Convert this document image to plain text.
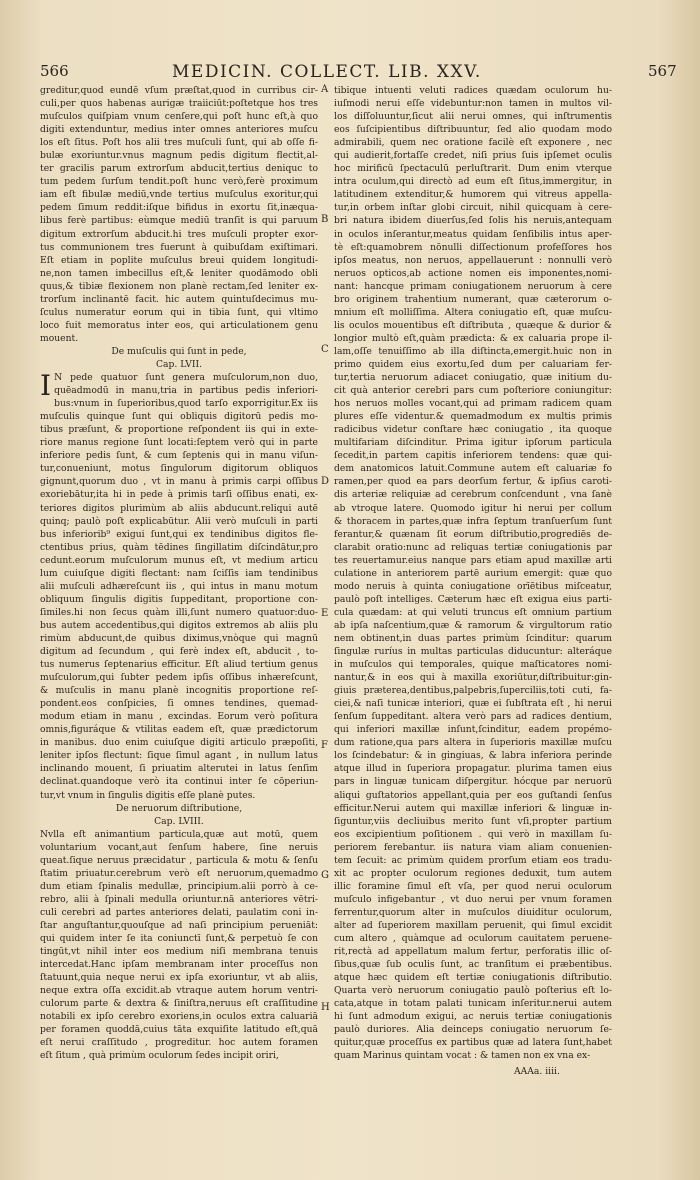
566	MEDICIN. COLLECT. LIB. XXV.	567
greditur,quod eundē vſum præſtat,quod in curribus cir-
culi,per quos habenas aurigæ traiiciūt:poſtetque hos tres
muſculos quiſpiam vnum cenſere,qui poſt hunc eſt,à quo
digiti extenduntur, medius inter omnes anteriores muſcu
los eſt ſitus. Poſt hos alii tres muſculi ſunt, qui ab oſſe fi-
bulæ exoriuntur.vnus magnum pedis digitum flectit,al-
ter gracilis parum extrorſum abducit,tertius deniquc to
tum pedem ſurſum tendit.poſt hunc verò,ferè proximum
iam eſt fibulæ mediū,vnde tertius muſculus exoritur,qui
pedem ſimum reddit:iſque bifidus in exortu ſit,inæqua-
libus ferè partibus: eùmque mediū tranſit is qui paruum
digitum extrorſum abducit.hi tres muſculi propter exor-
tus communionem tres fuerunt à quibuſdam exiſtimari.
Eſt etiam in poplite muſculus breui quidem longitudi-
ne,non tamen imbecillus eſt,& leniter quodāmodo obli
quus,& tibiæ flexionem non planè rectam,ſed leniter ex-
trorſum inclinantē facit. hic autem quintuſdecimus mu-
ſculus numeratur eorum qui in tibia ſunt, qui vltimo
loco fuit memoratus inter eos, qui articulationem genu
mouent.
De muſculis qui ſunt in pede,
Cap. LVII.
I N pede quatuor ſunt genera muſculorum,non duo,
quēadmodū in manu,tria in partibus pedis inferiori-
bus:vnum in ſuperioribus,quod tarſo exporrigitur.Ex iis
muſculis quinque ſunt qui obliquis digitorū pedis mo-
tibus præſunt, & proportione reſpondent iis qui in exte-
riore manus regione ſunt locati:ſeptem verò qui in parte
inferiore pedis ſunt, & cum ſeptenis qui in manu viſun-
tur,conueniunt, motus ſingulorum digitorum obliquos
gignunt,quorum duo , vt in manu à primis carpi oſſibus
exoriebātur,ita hi in pede à primis tarſi oſſibus enati, ex-
teriores digitos plurimùm ab aliis abducunt.reliqui autē
quinq; paulò poſt explicabūtur. Alii verò muſculi in parti
bus inferiorib⁹ exigui ſunt,qui ex tendinibus digitos fle-
ctentibus prius, quàm tēdines ſingillatim diſcindātur,pro
cedunt.eorum muſculorum munus eſt, vt medium articu
lum cuiuſque digiti flectant: nam ſciſſis iam tendinibus
alii muſculi adhæreſcunt iis , qui intus in manu motum
obliquum ſingulis digitis ſuppeditant, proportione con-
ſimiles.hi non ſecus quàm illi,ſunt numero quatuor:duo-
bus autem accedentibus,qui digitos extremos ab aliis plu
rimùm abducunt,de quibus diximus,vnòque qui magnū
digitum ad ſecundum , qui ferè index eſt, abducit , to-
tus numerus ſeptenarius efficitur. Eſt aliud tertium genus
muſculorum,qui ſubter pedem ipſis oſſibus inhæreſcunt,
& muſculis in manu planè incognitis proportione reſ-
pondent.eos conſpicies, ſi omnes tendines, quemad-
modum etiam in manu , excindas. Eorum verò poſitura
omnis,figuráque & vtilitas eadem eſt, quæ prædictorum
in manibus. duo enim cuiuſque digiti articulo præpoſiti,
leniter ipſos flectunt: ſique ſimul agant , in nullum latus
inclinando mouent, ſi priuatim alterutei in latus ſenſim
declinat.quandoque verò ita continui inter ſe cōperiun-
tur,vt vnum in ſingulis digitis eſſe planè putes.
De neruorum diſtributione,
Cap. LVIII.
Nvlla eſt animantium particula,quæ aut motū, quem
voluntarium vocant,aut ſenſum habere, ſine neruis
queat.ſique neruus præcidatur , particula & motu & ſenſu
ſtatim priuatur.cerebrum verò eſt neruorum,quemadmo
dum etiam ſpinalis medullæ, principium.alii porrò à ce-
rebro, alii à ſpinali medulla oriuntur.nā anteriores vētri-
culi cerebri ad partes anteriores delati, paulatim coni in-
ſtar anguſtantur,quouſque ad naſi principium perueniāt:
qui quidem inter ſe ita coniunctī ſunt,& perpetuò ſe con
tingūt,vt nihil inter eos medium niſi membrana tenuis
intercedat.Hanc ipſam membranam inter proceſſus non
ſtatuunt,quia neque nerui ex ipſa exoriuntur, vt ab aliis,
neque extra oſſa excidit.ab vtraque autem horum ventri-
culorum parte & dextra & ſiniſtra,neruus eſt craſſitudine
notabili ex ipſo cerebro exoriens,in oculos extra caluariā
per foramen quoddā,cuius tāta exquiſite latitudo eſt,quā
eſt nerui craſſitudo , progreditur. hoc autem foramen
eſt ſitum , quà primùm oculorum ſedes incipit oriri,
tibique intuenti veluti radices quædam oculorum hu-
iuſmodi nerui eſſe videbuntur:non tamen in multos vil-
los diſſoluuntur,ſicut alii nerui omnes, qui inſtrumentis
eos ſuſcipientibus diſtribuuntur, ſed alio quodam modo
admirabili, quem nec oratione facilè eſt exponere , nec
qui audierit,fortaſſe credet, niſi prius ſuis ipſemet oculis
hoc mirificū ſpectaculū perluſtrarit. Dum enim vterque
intra oculum,qui directò ad eum eſt ſitus,immergitur, in
latitudinem extenditur,& humorem qui vitreus appella-
tur,in orbem inſtar globi circuit, nihil quicquam à cere-
bri natura ibidem diuerſus,ſed ſolis his neruis,antequam
in oculos inſerantur,meatus quidam ſenſibilis intus aper-
tè eſt:quamobrem nōnulli diſſectionum profeſſores hos
ipſos meatus, non neruos, appellauerunt : nonnulli verò
neruos opticos,ab actione nomen eis imponentes,nomi-
nant: hancque primam coniugationem neruorum à cere
bro originem trahentium numerant, quæ cæterorum o-
mnium eſt molliſſima. Altera coniugatio eſt, quæ muſcu-
lis oculos mouentibus eſt diſtributa , quæque & durior &
longior multò eſt,quàm prædicta: & ex caluaria prope il-
lam,oſſe tenuiſſimo ab illa diſtincta,emergit.huic non in
primo quidem eius exortu,ſed dum per caluariam fer-
tur,tertia neruorum adiacet coniugatio, quæ initium du-
cit quà anterior cerebri pars cum poſteriore coniungitur:
hos neruos molles vocant,qui ad primam radicem quam
plures eſſe videntur.& quemadmodum ex multis primis
radicibus videtur conſtare hæc coniugatio , ita quoque
multifariam diſcinditur. Prima igitur ipſorum particula
ſecedit,in partem capitis inferiorem tendens: quæ qui-
dem anatomicos latuit.Commune autem eſt caluariæ fo
ramen,per quod ea pars deorſum fertur, & ipſius caroti-
dis arteriæ reliquiæ ad cerebrum conſcendunt , vna ſanè
ab vtroque latere. Quomodo igitur hi nerui per collum
& thoracem in partes,quæ infra ſeptum tranſuerſum ſunt
ferantur,& quænam ſit eorum diſtributio,progrediēs de-
clarabit oratio:nunc ad reliquas tertiæ coniugationis par
tes reuertamur.eius nanque pars etiam apud maxillæ arti
culatione in anteriorem partē aurium emergit: quæ quo
modo neruis à quinta coniugatione orīētibus miſceatur,
paulò poſt intelliges. Cæterum hæc eſt exigua eius parti-
cula quædam: at qui veluti truncus eſt omnium partium
ab ipſa naſcentium,quæ & ramorum & virgultorum ratio
nem obtinent,in duas partes primùm ſcinditur: quarum
ſingulæ ruríus in multas particulas diducuntur: alteráque
in muſculos qui temporales, quique maſticatores nomi-
nantur,& in eos qui à maxilla exoriūtur,diſtribuitur:gin-
giuis præterea,dentibus,palpebris,ſuperciliis,toti cuti, fa-
ciei,& naſi tunicæ interiori, quæ ei ſubſtrata eſt , hi nerui
ſenſum ſuppeditant. altera verò pars ad radices dentium,
qui inferiori maxillæ inſunt,ſcinditur, eadem propémo-
dum ratione,qua pars altera in ſuperioris maxillæ muſcu
los ſcindebatur: & in gingiuas, & labra inferiora perinde
atque illud in ſuperiora propagatur. plurima tamen eius
pars in linguæ tunicam diſpergitur. hócque par neruorū
aliqui guſtatorios appellant,quia per eos guſtandi ſenſus
efficitur.Nerui autem qui maxillæ inferiori & linguæ in-
ſiguntur,viis decliuibus merito ſunt vſi,propter partium
eos excipientium poſitionem . qui verò in maxillam ſu-
periorem ferebantur. iis natura viam aliam conuenien-
tem ſecuit: ac primùm quidem prorſum etiam eos tradu-
xit ac propter oculorum regiones deduxit, tum autem
illic foramine ſimul eſt vſa, per quod nerui oculorum
muſculo infigebantur , vt duo nerui per vnum foramen
ferrentur,quorum alter in muſculos diuiditur oculorum,
alter ad ſuperiorem maxillam peruenit, qui ſimul excidit
cum altero , quàmque ad oculorum cauitatem peruene-
rit,rectà ad appellatum malum fertur, perforatis illic oſ-
ſibus,quæ ſub oculis ſunt, ac tranſitum ei præbentibus.
atque hæc quidem eſt tertiæ coniugationis diſtributio.
Quarta verò neruorum coniugatio paulò poſterius eſt lo-
cata,atque in totam palati tunicam inſeritur.nerui autem
hi ſunt admodum exigui, ac neruis tertiæ coniugationis
paulò duriores. Alia deinceps coniugatio neruorum ſe-
quitur,quæ proceſſus ex partibus quæ ad latera ſunt,habet
quam Marinus quintam vocat : & tamen non ex vna ex-
A
B
C
D
E
F
G
H
AAAa. iiii.
